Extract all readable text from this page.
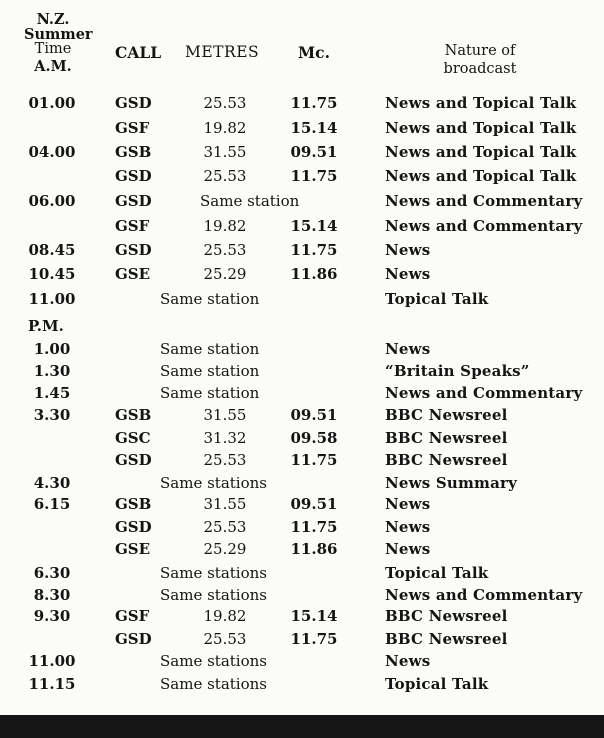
N.Z.
Summer
Time
A.M.
CALL METRES	Mc.	Nature of
broadcast
01.00	GSD	25.53	11.75	News and Topical Talk
GSF	19.82	15.14	News and Topical Talk
04.00	GSB	31.55	09.51	News and Topical Talk
GSD	25.53	11.75	News and Topical Talk
06.00	GSD	Same station	News and Commentary
GSF	19.82	15.14	News and Commentary
08.45	GSD	25.53	11.75	News
10.45	GSE	25.29	11.86	News
11.00	Same station	Topical Talk
P.M.
1.00	Same station	News
1.30	Same station	“Britain Speaks”
1.45	Same station	News and Commentary
3.30	GSB	31.55	09.51	BBC Newsreel
GSC	31.32	09.58	BBC Newsreel
GSD	25.53	11.75	BBC Newsreel
4.30	Same stations	News Summary
6.15	GSB	31.55	09.51	News
GSD	25.53	11.75	News
GSE	25.29	11.86	News
6.30	Same stations	Topical Talk
8.30	Same stations	News and Commentary
9.30	GSF	19.82	15.14	BBC Newsreel
GSD	25.53	11.75	BBC Newsreel
11.00	Same stations	News
11.15	Same stations	Topical Talk
